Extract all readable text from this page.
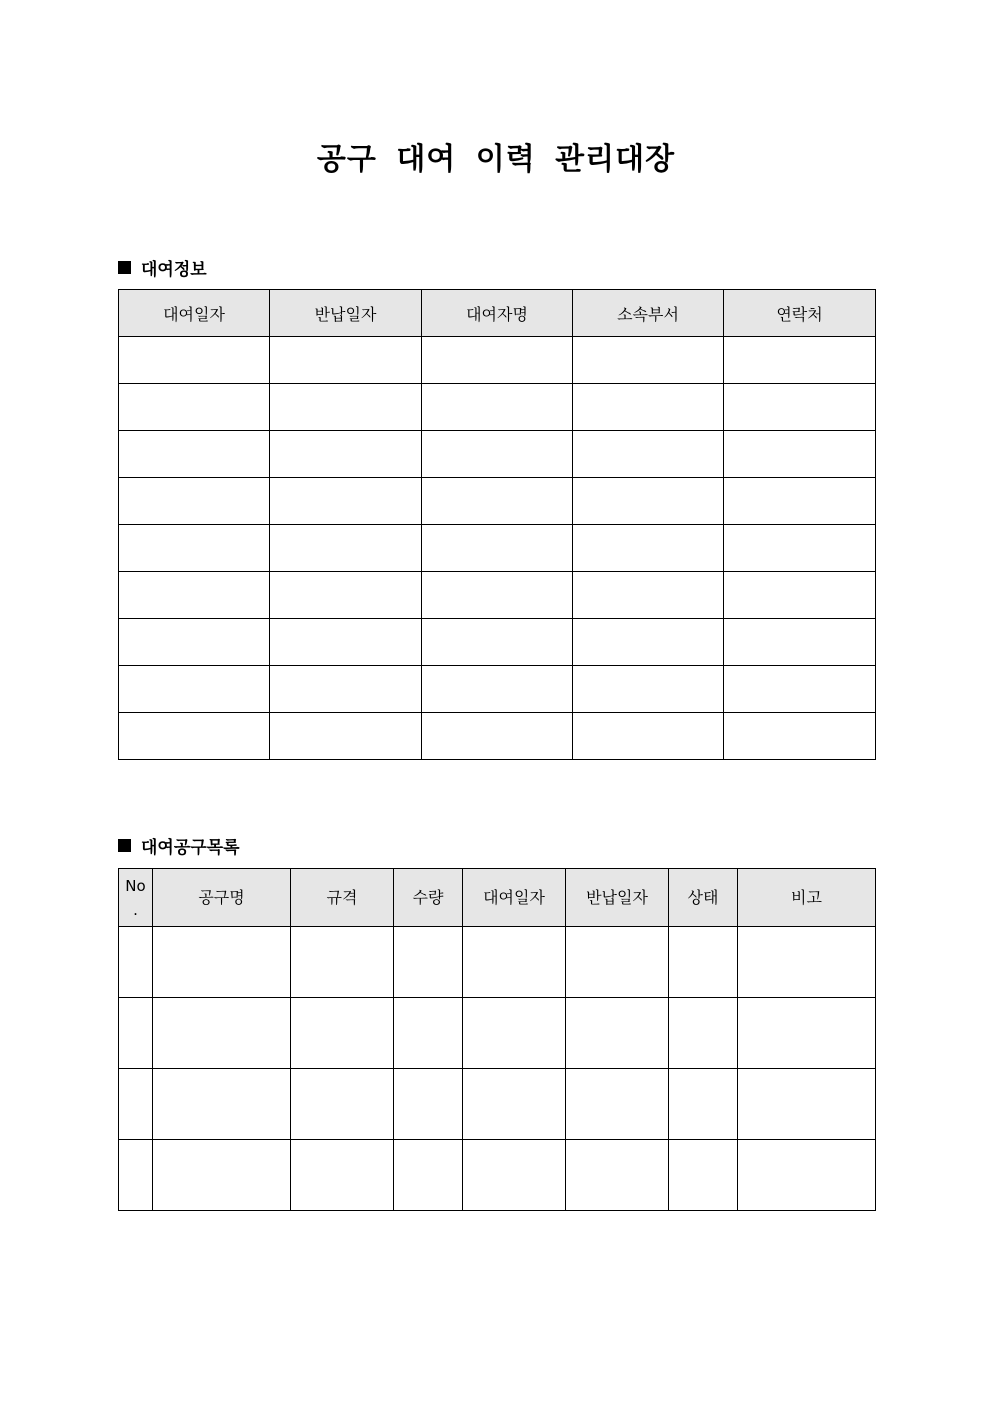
공구 대여 이력 관리대장
대여정보
대여일자	반납일자	대여자명	소속부서	연락처

대여공구목록
No
.	공구명	규격	수량	대여일자	반납일자	상태	비고
